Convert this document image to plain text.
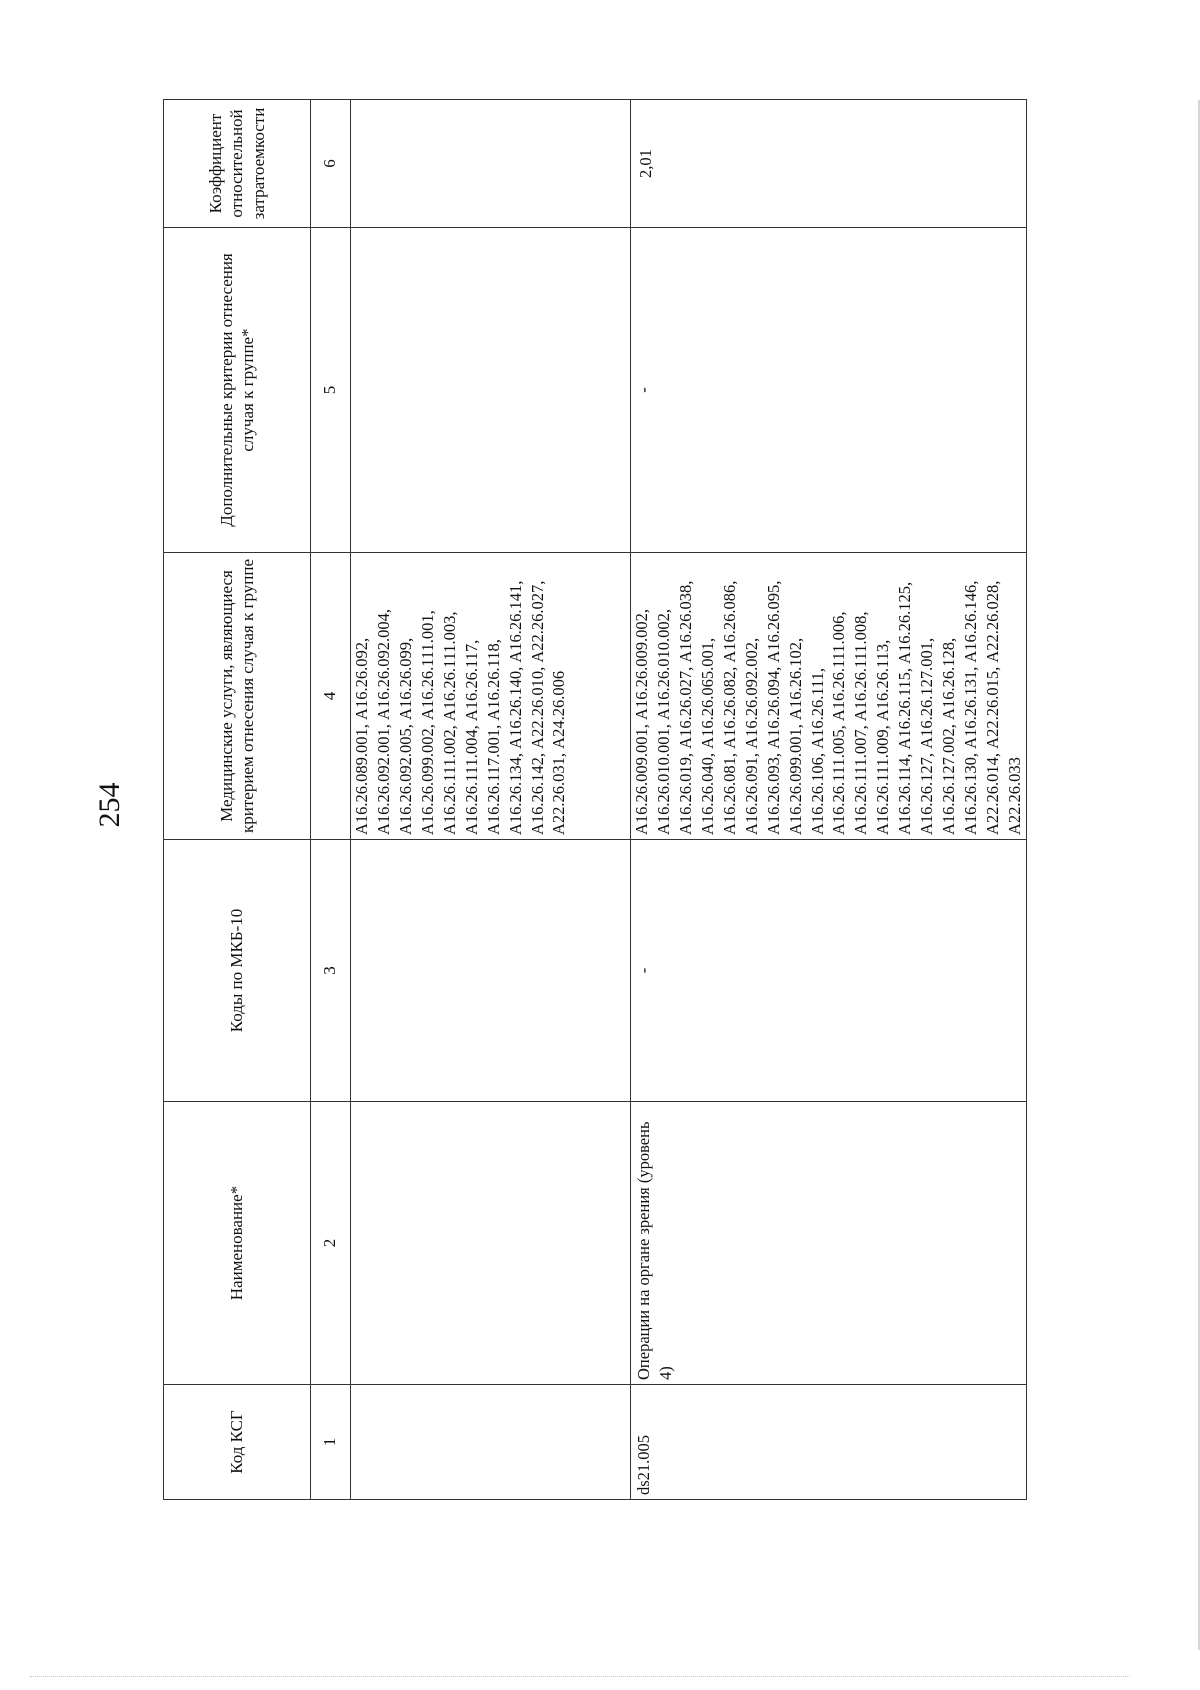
254
Код КСГ	Наименование*	Коды по МКБ-10	Медицинские услуги, являющиеся критерием отнесения случая к группе	Дополнительные критерии отнесения случая к группе*	Коэффициент относительной затратоемкости
1	2	3	4	5	6

			А16.26.089.001, А16.26.092, А16.26.092.001, А16.26.092.004, А16.26.092.005, А16.26.099, А16.26.099.002, А16.26.111.001, А16.26.111.002, А16.26.111.003, А16.26.111.004, А16.26.117, А16.26.117.001, А16.26.118, А16.26.134, А16.26.140, А16.26.141, А16.26.142, А22.26.010, А22.26.027, А22.26.031, А24.26.006		

ds21.005	Операции на органе зрения (уровень 4)	-	А16.26.009.001, А16.26.009.002, А16.26.010.001, А16.26.010.002, А16.26.019, А16.26.027, А16.26.038, А16.26.040, А16.26.065.001, А16.26.081, А16.26.082, А16.26.086, А16.26.091, А16.26.092.002, А16.26.093, А16.26.094, А16.26.095, А16.26.099.001, А16.26.102, А16.26.106, А16.26.111, А16.26.111.005, А16.26.111.006, А16.26.111.007, А16.26.111.008, А16.26.111.009, А16.26.113, А16.26.114, А16.26.115, А16.26.125, А16.26.127, А16.26.127.001, А16.26.127.002, А16.26.128, А16.26.130, А16.26.131, А16.26.146, А22.26.014, А22.26.015, А22.26.028, А22.26.033	-	2,01
